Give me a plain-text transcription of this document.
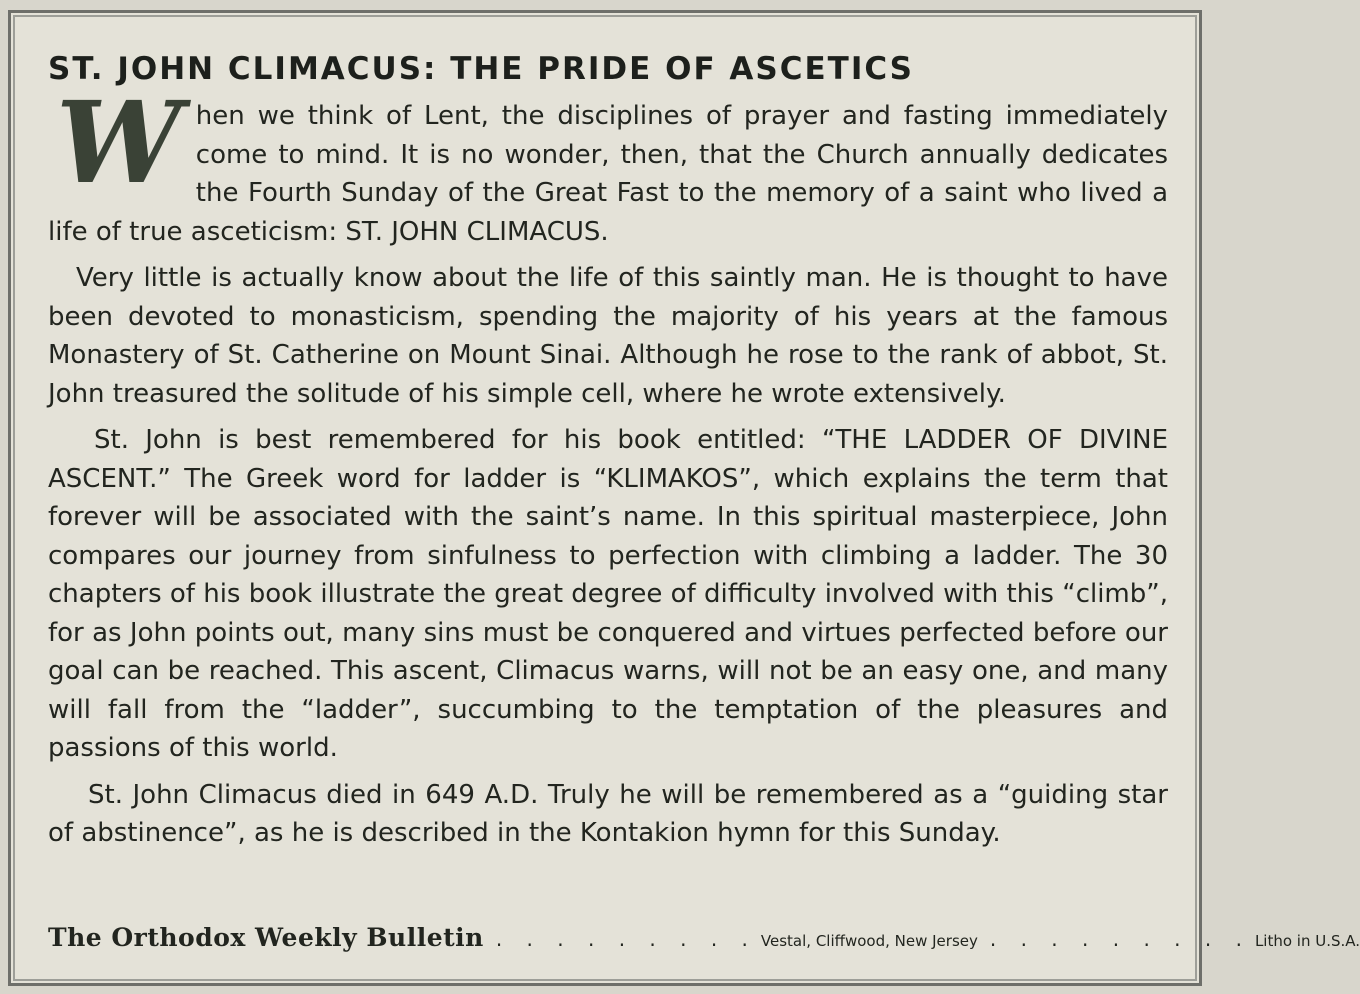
ST. JOHN CLIMACUS: THE PRIDE OF ASCETICS

When we think of Lent, the disciplines of prayer and fasting immediately come to mind. It is no wonder, then, that the Church annually dedicates the Fourth Sunday of the Great Fast to the memory of a saint who lived a life of true asceticism: ST. JOHN CLIMACUS.

Very little is actually know about the life of this saintly man. He is thought to have been devoted to monasticism, spending the majority of his years at the famous Monastery of St. Catherine on Mount Sinai. Although he rose to the rank of abbot, St. John treasured the solitude of his simple cell, where he wrote extensively.

St. John is best remembered for his book entitled: “THE LADDER OF DIVINE ASCENT.” The Greek word for ladder is “KLIMAKOS”, which explains the term that forever will be associated with the saint’s name. In this spiritual masterpiece, John compares our journey from sinfulness to perfection with climbing a ladder. The 30 chapters of his book illustrate the great degree of difficulty involved with this “climb”, for as John points out, many sins must be conquered and virtues perfected before our goal can be reached. This ascent, Climacus warns, will not be an easy one, and many will fall from the “ladder”, succumbing to the temptation of the pleasures and passions of this world.

St. John Climacus died in 649 A.D. Truly he will be remembered as a “guiding star of abstinence”, as he is described in the Kontakion hymn for this Sunday.

The Orthodox Weekly Bulletin . . . . . . . . . Vestal, Cliffwood, New Jersey . . . . . . . . . Litho in U.S.A.
